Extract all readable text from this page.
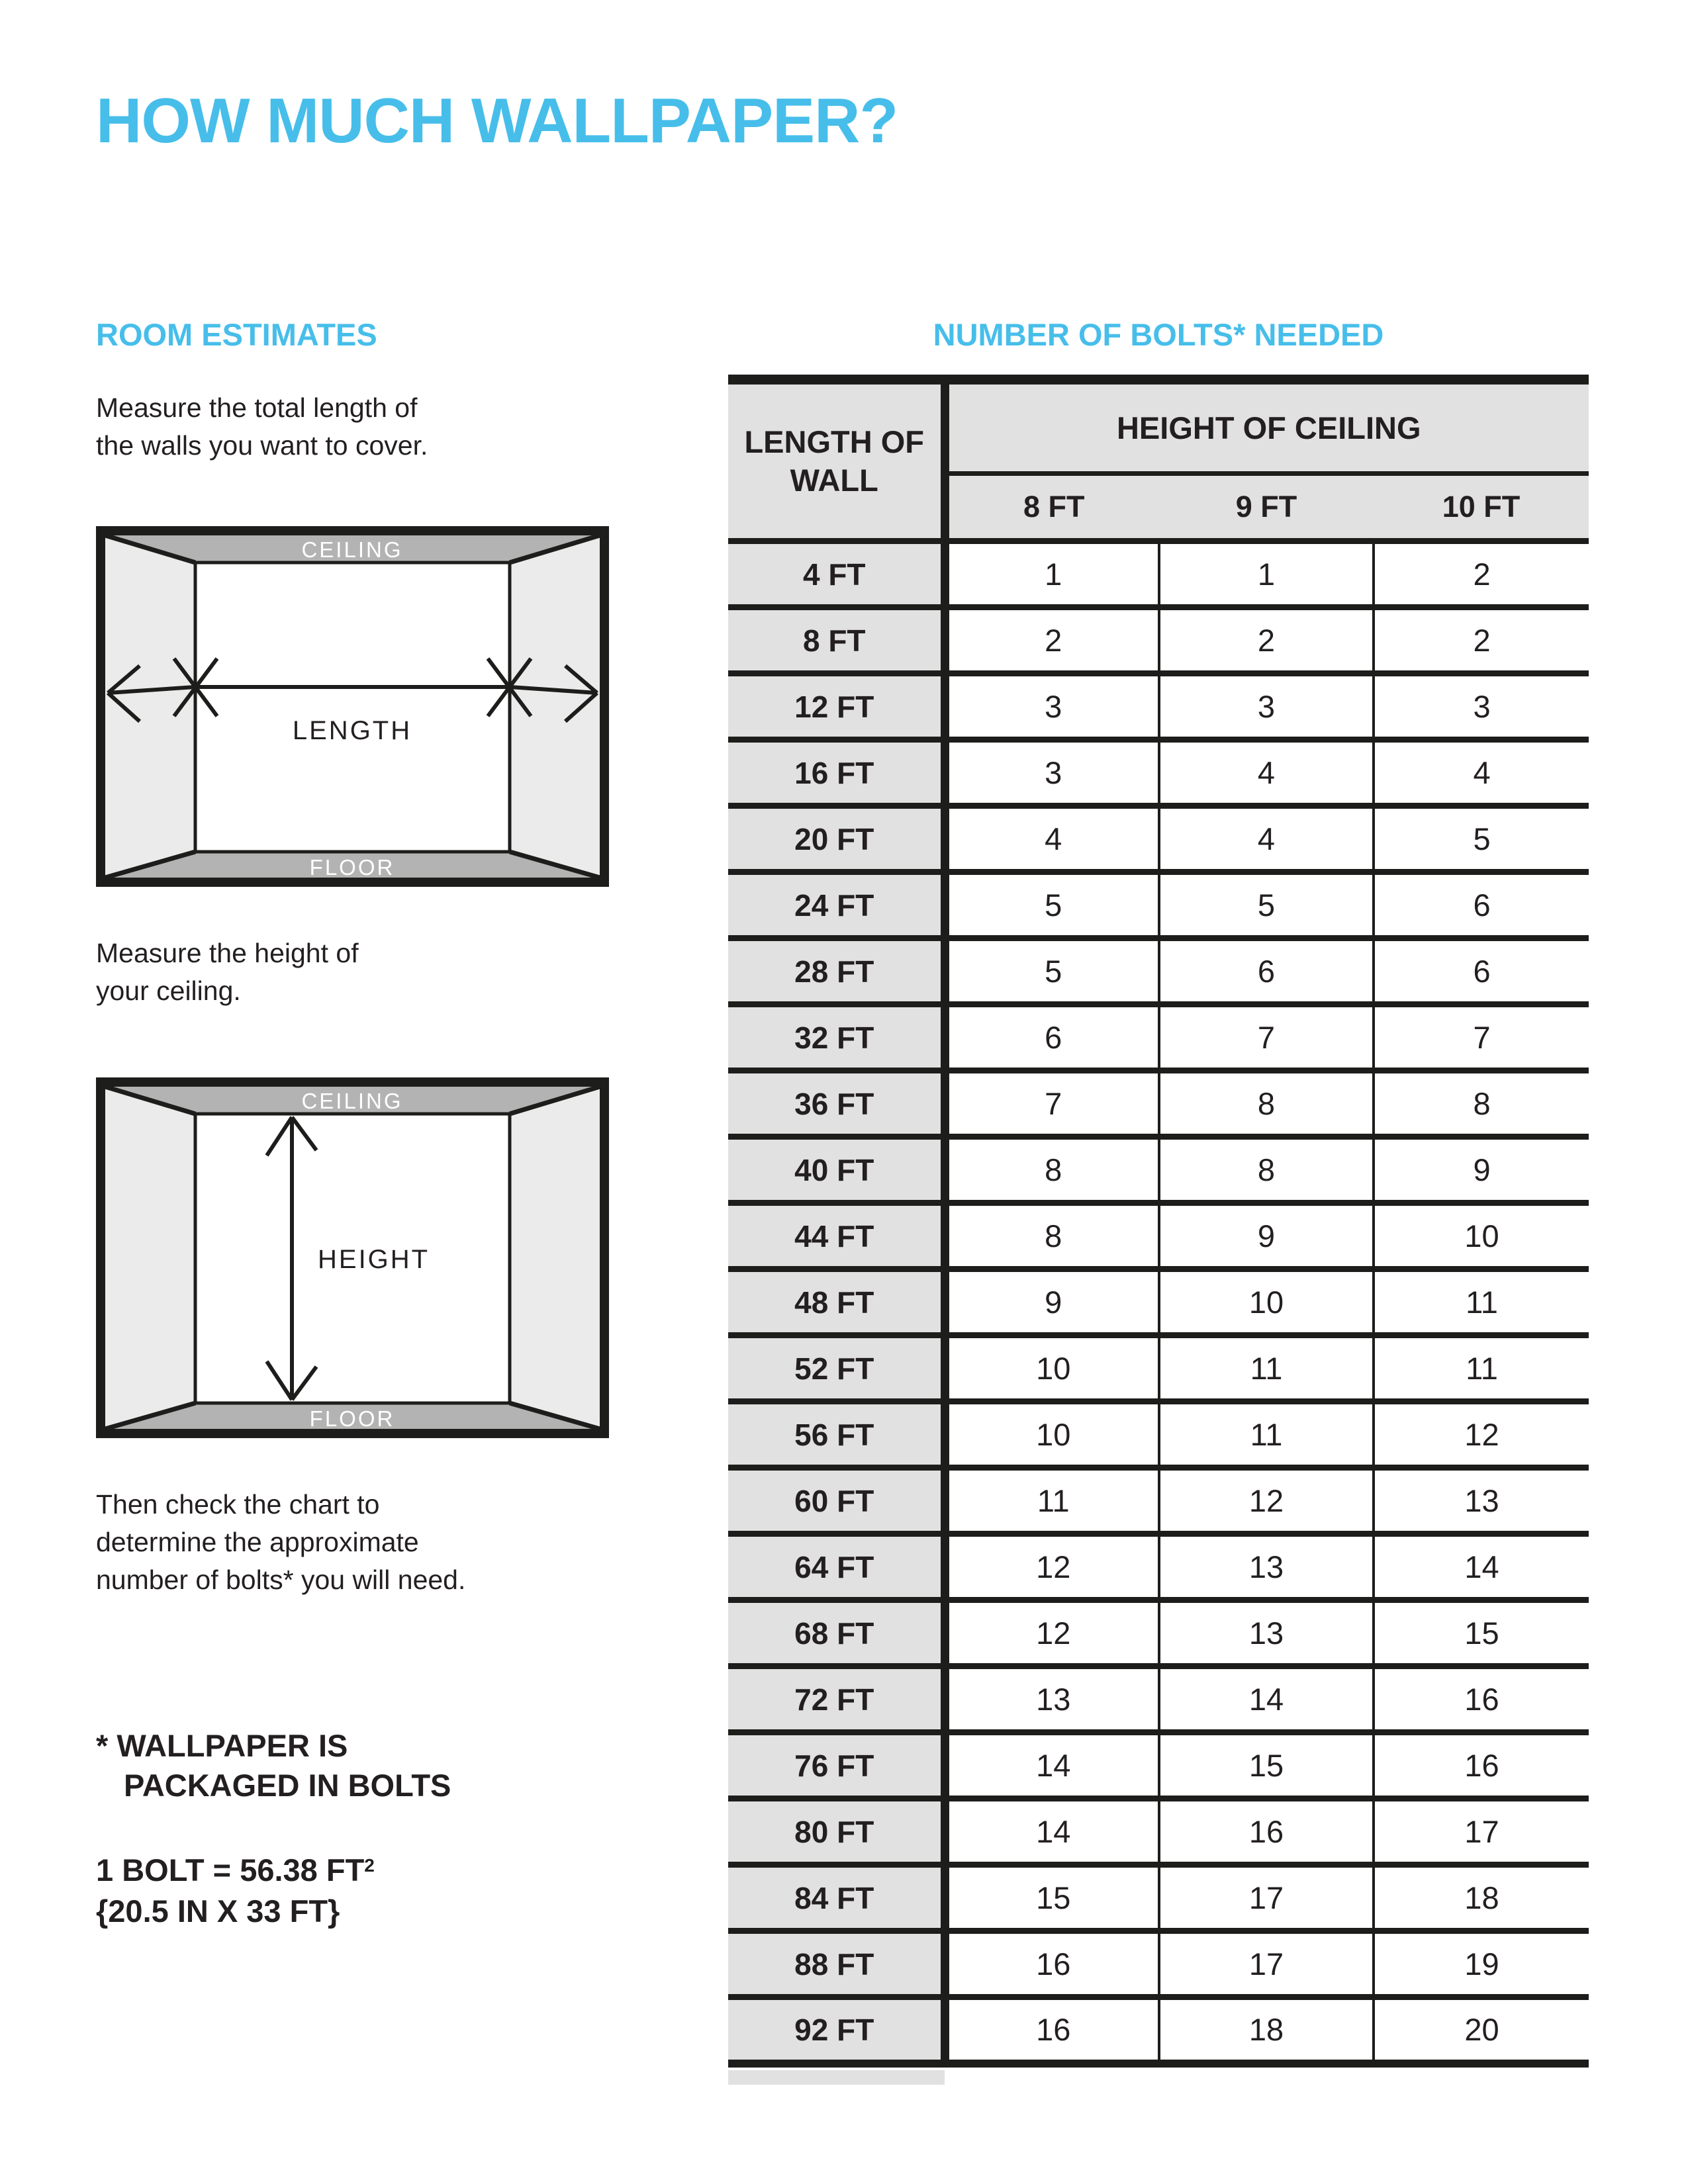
HOW MUCH WALLPAPER?
ROOM ESTIMATES	NUMBER OF BOLTS* NEEDED
Measure the total length of
the walls you want to cover.
CEILING
FLOOR
LENGTH
Measure the height of
your ceiling.
CEILING
FLOOR
HEIGHT
Then check the chart to
determine the approximate
number of bolts* you will need.
* WALLPAPER IS
PACKAGED IN BOLTS
1 BOLT = 56.38 $FT^2$
{20.5 IN X 33 FT}
LENGTH OF WALL	HEIGHT OF CEILING		
	8 FT	9 FT	10 FT
4 FT	1	1	2
8 FT	2	2	2
12 FT	3	3	3
16 FT	3	4	4
20 FT	4	4	5
24 FT	5	5	6
28 FT	5	6	6
32 FT	6	7	7
36 FT	7	8	8
40 FT	8	8	9
44 FT	8	9	10
48 FT	9	10	11
52 FT	10	11	11
56 FT	10	11	12
60 FT	11	12	13
64 FT	12	13	14
68 FT	12	13	15
72 FT	13	14	16
76 FT	14	15	16
80 FT	14	16	17
84 FT	15	17	18
88 FT	16	17	19
92 FT	16	18	20
